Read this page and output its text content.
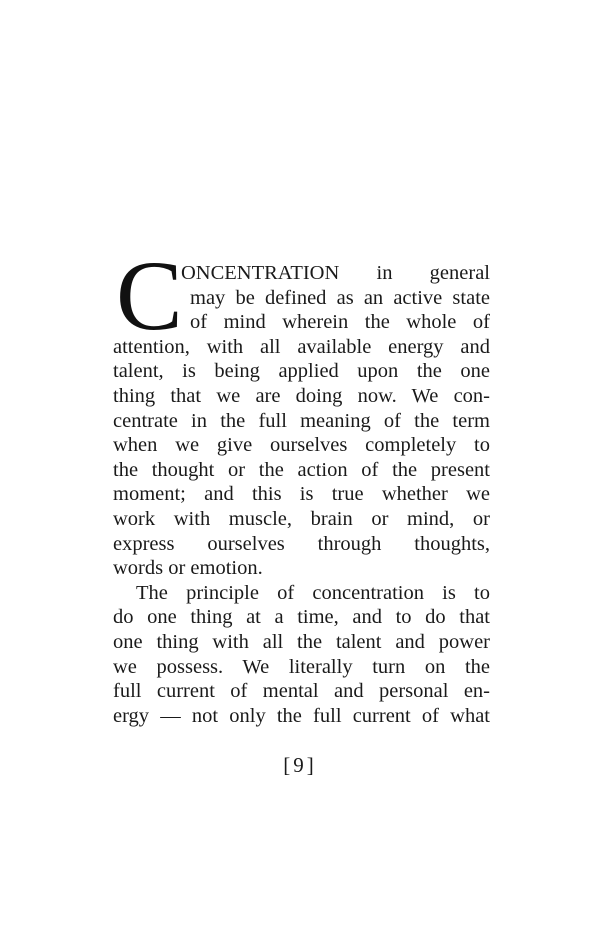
C
ONCENTRATION in general
may be defined as an active state
of mind wherein the whole of
attention, with all available energy and
talent, is being applied upon the one
thing that we are doing now. We con-
centrate in the full meaning of the term
when we give ourselves completely to
the thought or the action of the present
moment; and this is true whether we
work with muscle, brain or mind, or
express ourselves through thoughts,
words or emotion.
The principle of concentration is to
do one thing at a time, and to do that
one thing with all the talent and power
we possess. We literally turn on the
full current of mental and personal en-
ergy — not only the full current of what
[9]
